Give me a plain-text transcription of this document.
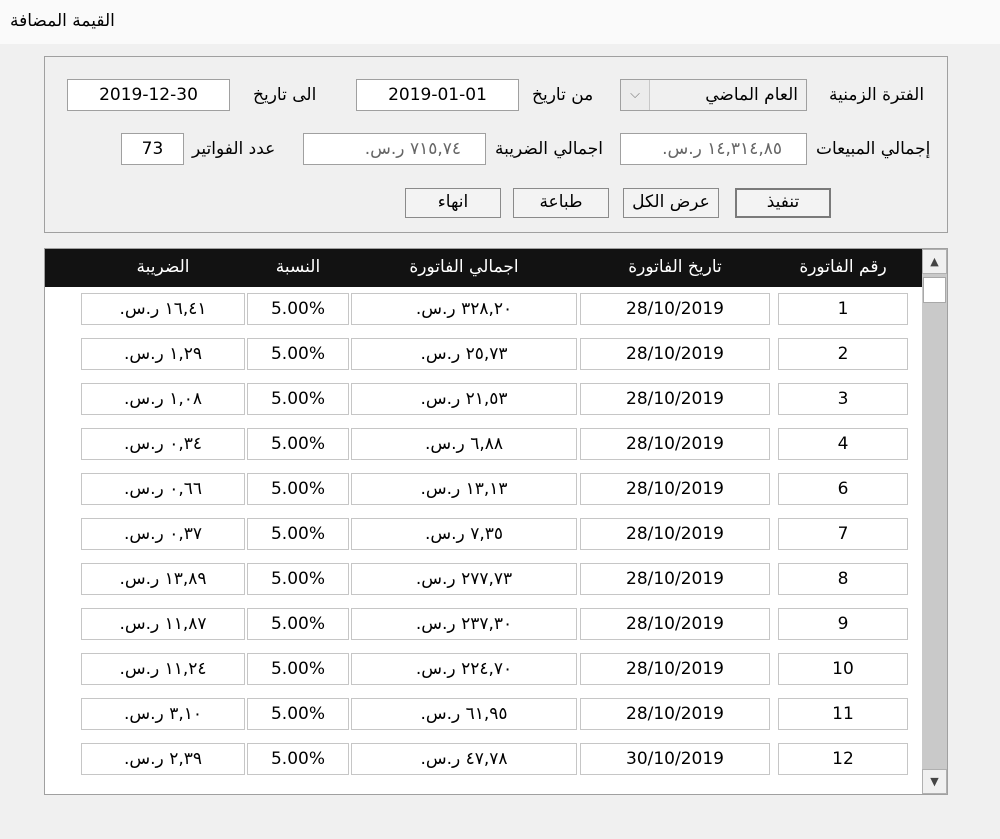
القيمة المضافة
الفترة الزمنية
⌵	العام الماضي
من تاريخ
2019-01-01
الى تاريخ
2019-12-30
إجمالي المبيعات
١٤,٣١٤,٨٥ ر.س.
اجمالي الضريبة
٧١٥,٧٤ ر.س.
عدد الفواتير
73
تنفيذ
عرض الكل
طباعة
انهاء
رقم الفاتورة
تاريخ الفاتورة
اجمالي الفاتورة
النسبة
الضريبة
1
28/10/2019
٣٢٨,٢٠ ر.س.
5.00%
١٦,٤١ ر.س.
2
28/10/2019
٢٥,٧٣ ر.س.
5.00%
١,٢٩ ر.س.
3
28/10/2019
٢١,٥٣ ر.س.
5.00%
١,٠٨ ر.س.
4
28/10/2019
٦,٨٨ ر.س.
5.00%
٠,٣٤ ر.س.
6
28/10/2019
١٣,١٣ ر.س.
5.00%
٠,٦٦ ر.س.
7
28/10/2019
٧,٣٥ ر.س.
5.00%
٠,٣٧ ر.س.
8
28/10/2019
٢٧٧,٧٣ ر.س.
5.00%
١٣,٨٩ ر.س.
9
28/10/2019
٢٣٧,٣٠ ر.س.
5.00%
١١,٨٧ ر.س.
10
28/10/2019
٢٢٤,٧٠ ر.س.
5.00%
١١,٢٤ ر.س.
11
28/10/2019
٦١,٩٥ ر.س.
5.00%
٣,١٠ ر.س.
12
30/10/2019
٤٧,٧٨ ر.س.
5.00%
٢,٣٩ ر.س.
▲
▼
